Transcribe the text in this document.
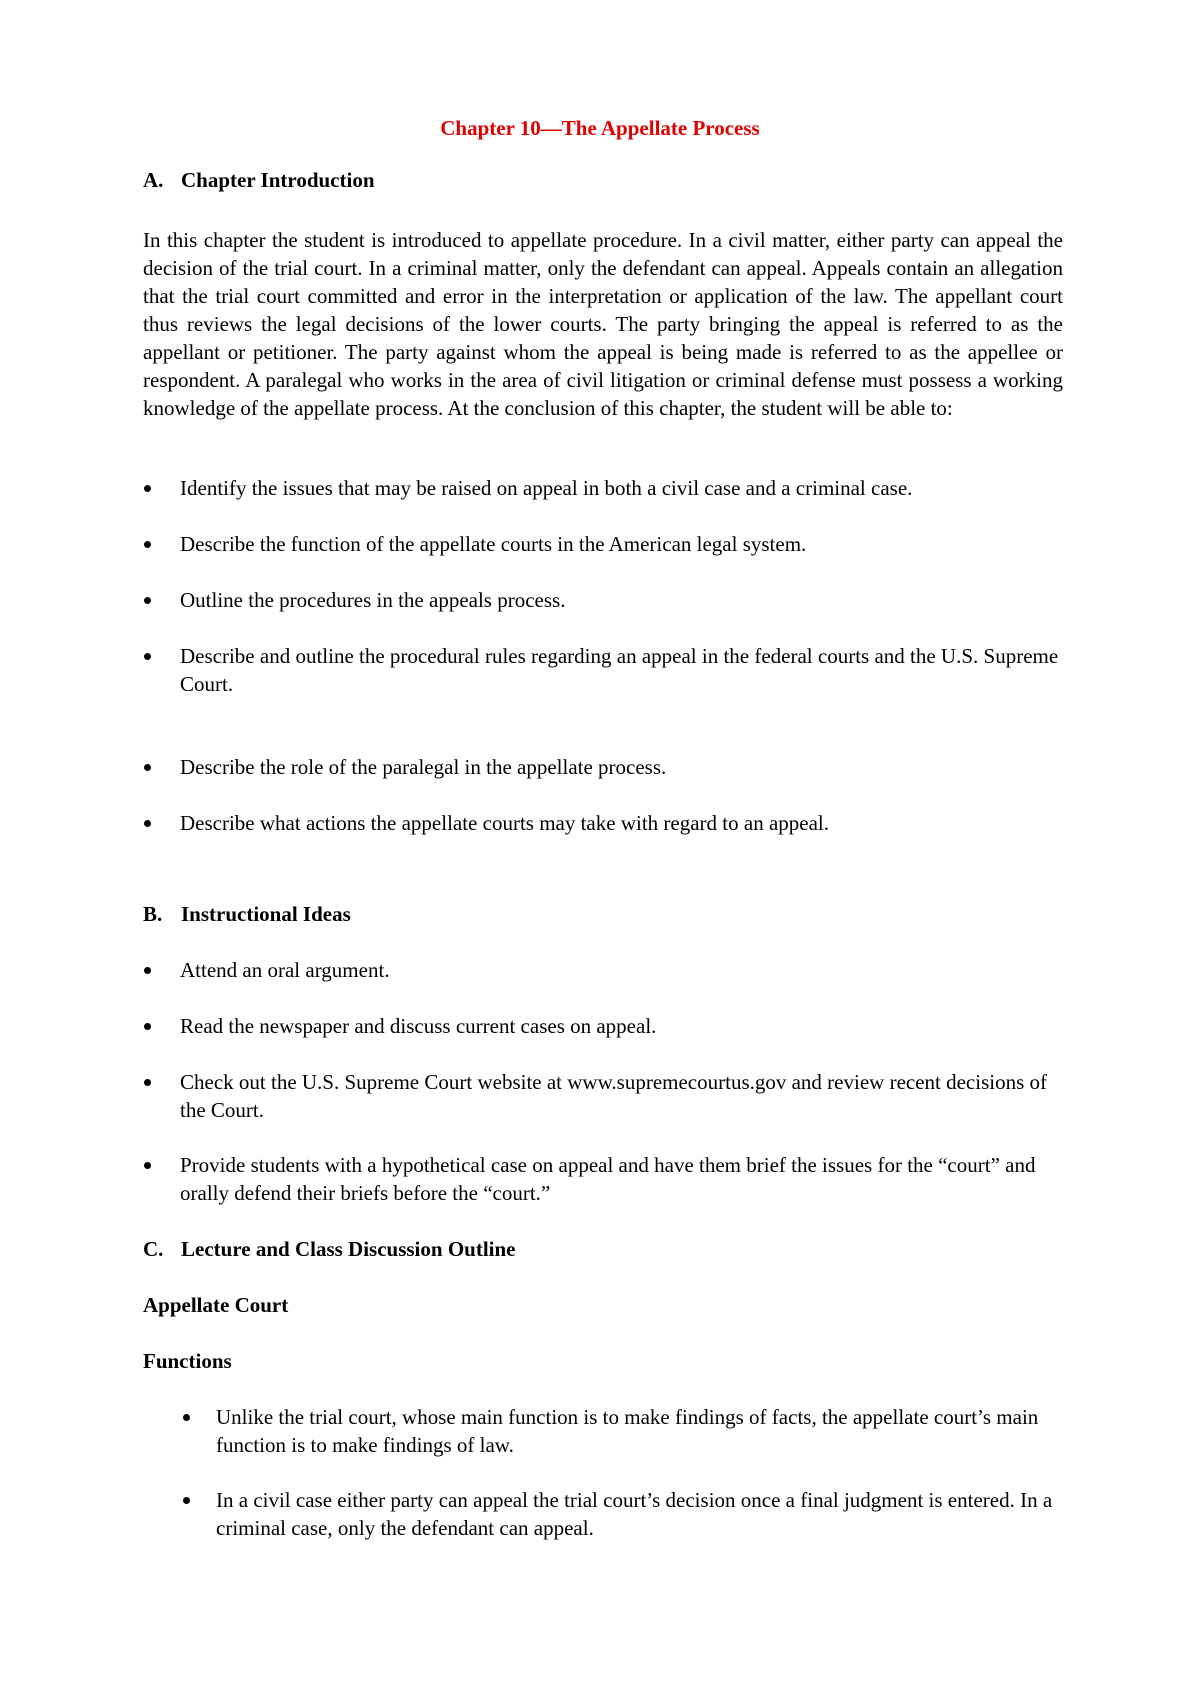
Chapter 10—The Appellate Process
A. Chapter Introduction

In this chapter the student is introduced to appellate procedure. In a civil matter, either party can appeal the decision of the trial court. In a criminal matter, only the defendant can appeal. Appeals contain an allegation that the trial court committed and error in the interpretation or application of the law. The appellant court thus reviews the legal decisions of the lower courts. The party bringing the appeal is referred to as the appellant or petitioner. The party against whom the appeal is being made is referred to as the appellee or respondent. A paralegal who works in the area of civil litigation or criminal defense must possess a working knowledge of the appellate process. At the conclusion of this chapter, the student will be able to:

Identify the issues that may be raised on appeal in both a civil case and a criminal case.
Describe the function of the appellate courts in the American legal system.
Outline the procedures in the appeals process.
Describe and outline the procedural rules regarding an appeal in the federal courts and the U.S. Supreme Court.
Describe the role of the paralegal in the appellate process.
Describe what actions the appellate courts may take with regard to an appeal.
B. Instructional Ideas
Attend an oral argument.
Read the newspaper and discuss current cases on appeal.
Check out the U.S. Supreme Court website at www.supremecourtus.gov and review recent decisions of the Court.
Provide students with a hypothetical case on appeal and have them brief the issues for the “court” and orally defend their briefs before the “court.”
C. Lecture and Class Discussion Outline
Appellate Court
Functions
Unlike the trial court, whose main function is to make findings of facts, the appellate court’s main function is to make findings of law.
In a civil case either party can appeal the trial court’s decision once a final judgment is entered. In a criminal case, only the defendant can appeal.
